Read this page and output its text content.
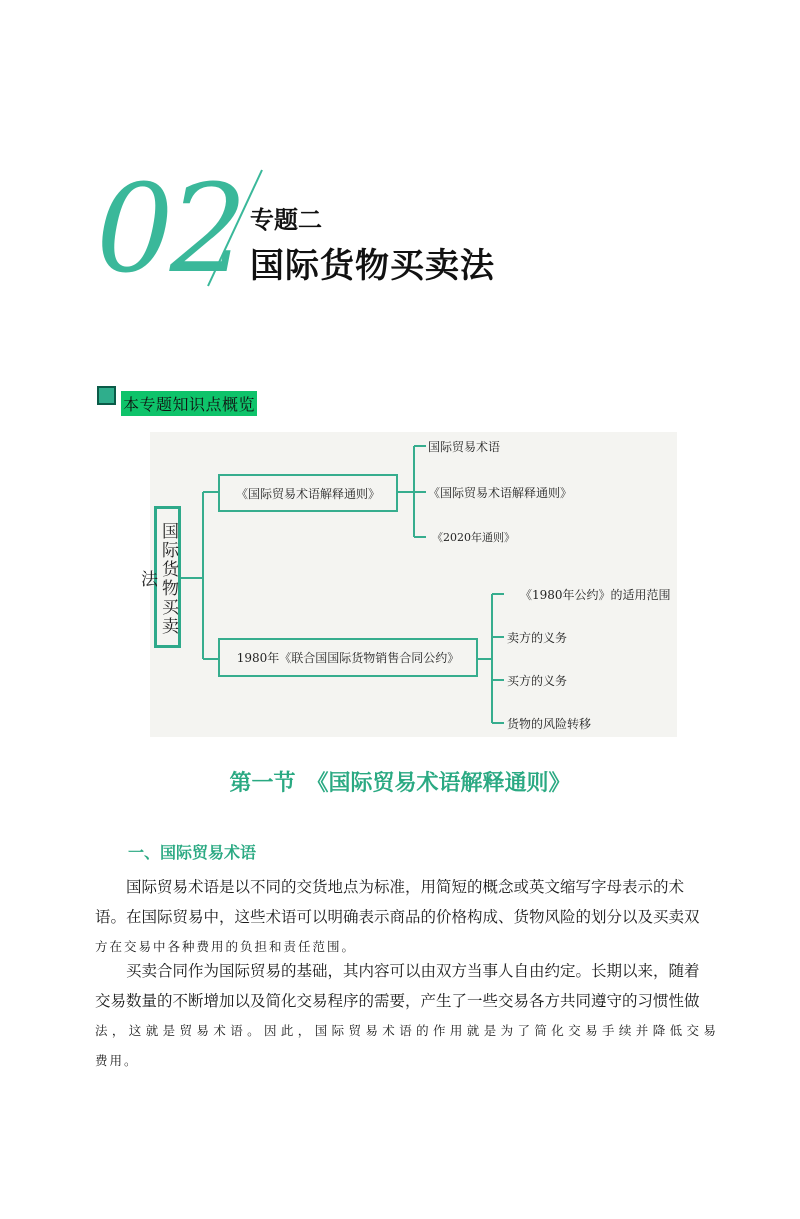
02 专题二
国际货物买卖法
本专题知识点概览
国际货物买卖法
《国际贸易术语解释通则》
1980年《联合国国际货物销售合同公约》
国际贸易术语
《国际贸易术语解释通则》
《2020年通则》
《1980年公约》的适用范围
卖方的义务
买方的义务
货物的风险转移
第一节　《国际贸易术语解释通则》
一、国际贸易术语

国际贸易术语是以不同的交货地点为标准，用简短的概念或英文缩写字母表示的术

语。在国际贸易中，这些术语可以明确表示商品的价格构成、货物风险的划分以及买卖双

方在交易中各种费用的负担和责任范围。

买卖合同作为国际贸易的基础，其内容可以由双方当事人自由约定。长期以来，随着

交易数量的不断增加以及简化交易程序的需要，产生了一些交易各方共同遵守的习惯性做

法，这就是贸易术语。因此，国际贸易术语的作用就是为了简化交易手续并降低交易

费用。
